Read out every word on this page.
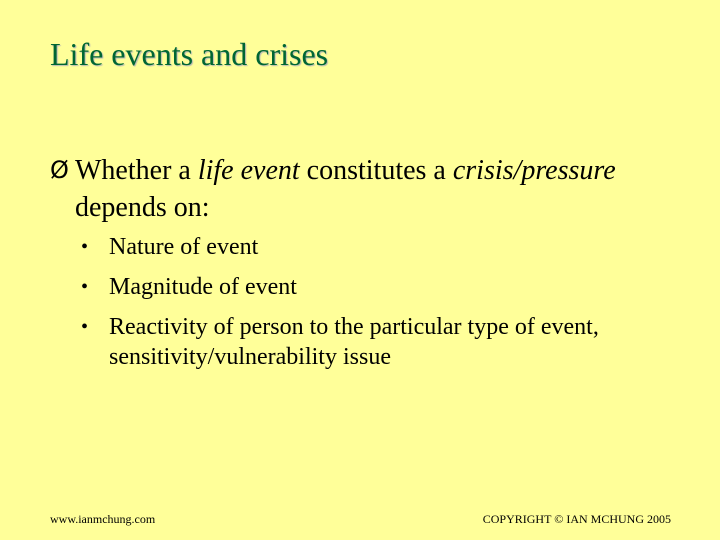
Life events and crises
Ø Whether a life event constitutes a crisis/pressure depends on:
• Nature of event
• Magnitude of event
• Reactivity of person to the particular type of event, sensitivity/vulnerability issue
www.ianmchung.com	COPYRIGHT © IAN MCHUNG 2005
